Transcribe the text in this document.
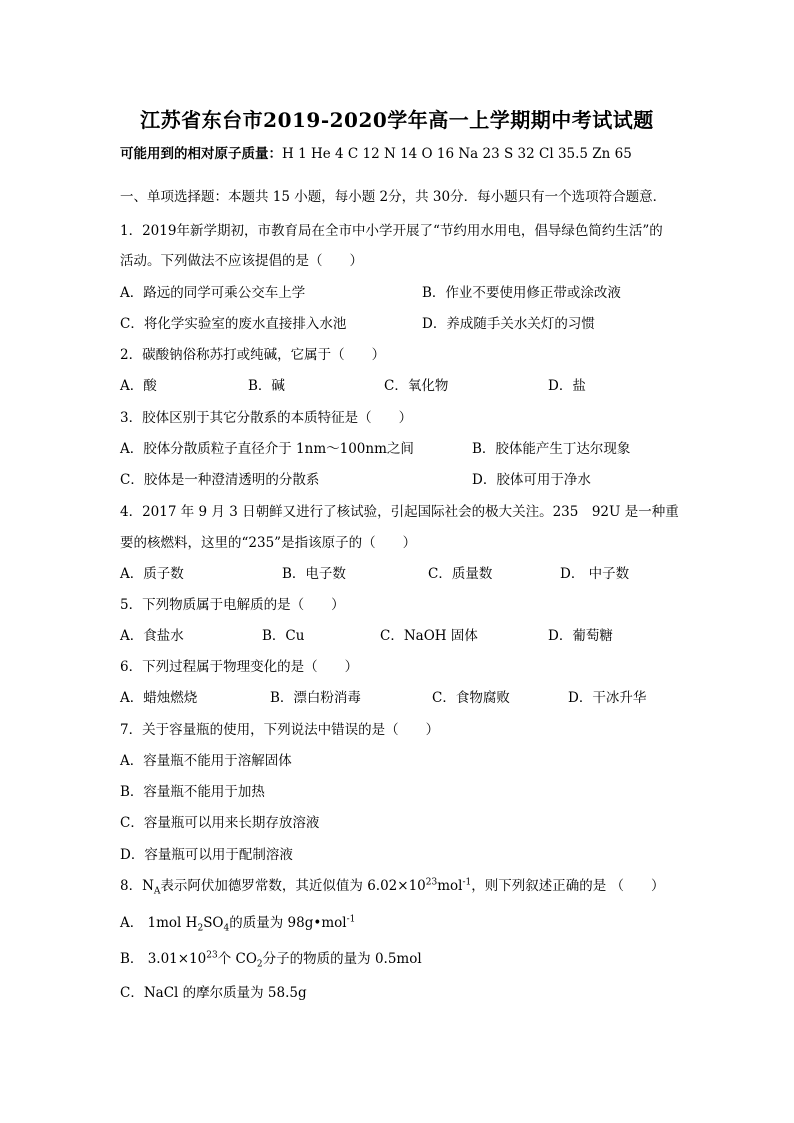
江苏省东台市2019-2020学年高一上学期期中考试试题
可能用到的相对原子质量：H 1 He 4 C 12 N 14 O 16 Na 23 S 32 Cl 35.5 Zn 65
一、单项选择题：本题共 15 小题，每小题 2分，共 30分．每小题只有一个选项符合题意．
1．2019年新学期初，市教育局在全市中小学开展了“节约用水用电，倡导绿色简约生活”的
活动。下列做法不应该提倡的是（　　）
A．路远的同学可乘公交车上学	B．作业不要使用修正带或涂改液
C．将化学实验室的废水直接排入水池	D．养成随手关水关灯的习惯
2．碳酸钠俗称苏打或纯碱，它属于（　　）
A．酸	B．碱	C．氧化物	D．盐
3．胶体区别于其它分散系的本质特征是（　　）
A．胶体分散质粒子直径介于 1nm～100nm之间	B．胶体能产生丁达尔现象
C．胶体是一种澄清透明的分散系	D．胶体可用于净水
4．2017 年 9 月 3 日朝鲜又进行了核试验，引起国际社会的极大关注。235　92U 是一种重
要的核燃料，这里的“235”是指该原子的（　　）
A．质子数	B．电子数	C．质量数	D． 中子数
5．下列物质属于电解质的是（　　）
A．食盐水	B．Cu	C．NaOH 固体	D．葡萄糖
6．下列过程属于物理变化的是（　　）
A．蜡烛燃烧	B．漂白粉消毒	C．食物腐败	D．干冰升华
7．关于容量瓶的使用，下列说法中错误的是（　　）
A．容量瓶不能用于溶解固体
B．容量瓶不能用于加热
C．容量瓶可以用来长期存放溶液
D．容量瓶可以用于配制溶液
8．$N_A$表示阿伏加德罗常数，其近似值为 $6.02\times 10^{23}mol^{-1}$，则下列叙述正确的是 （　　）
A． 1mol $H_2SO_4$的质量为 98g•mol$^{-1}$
B． $3.01\times 10^{23}$个 $CO_2$分子的物质的量为 0.5mol
C．NaCl 的摩尔质量为 58.5g
